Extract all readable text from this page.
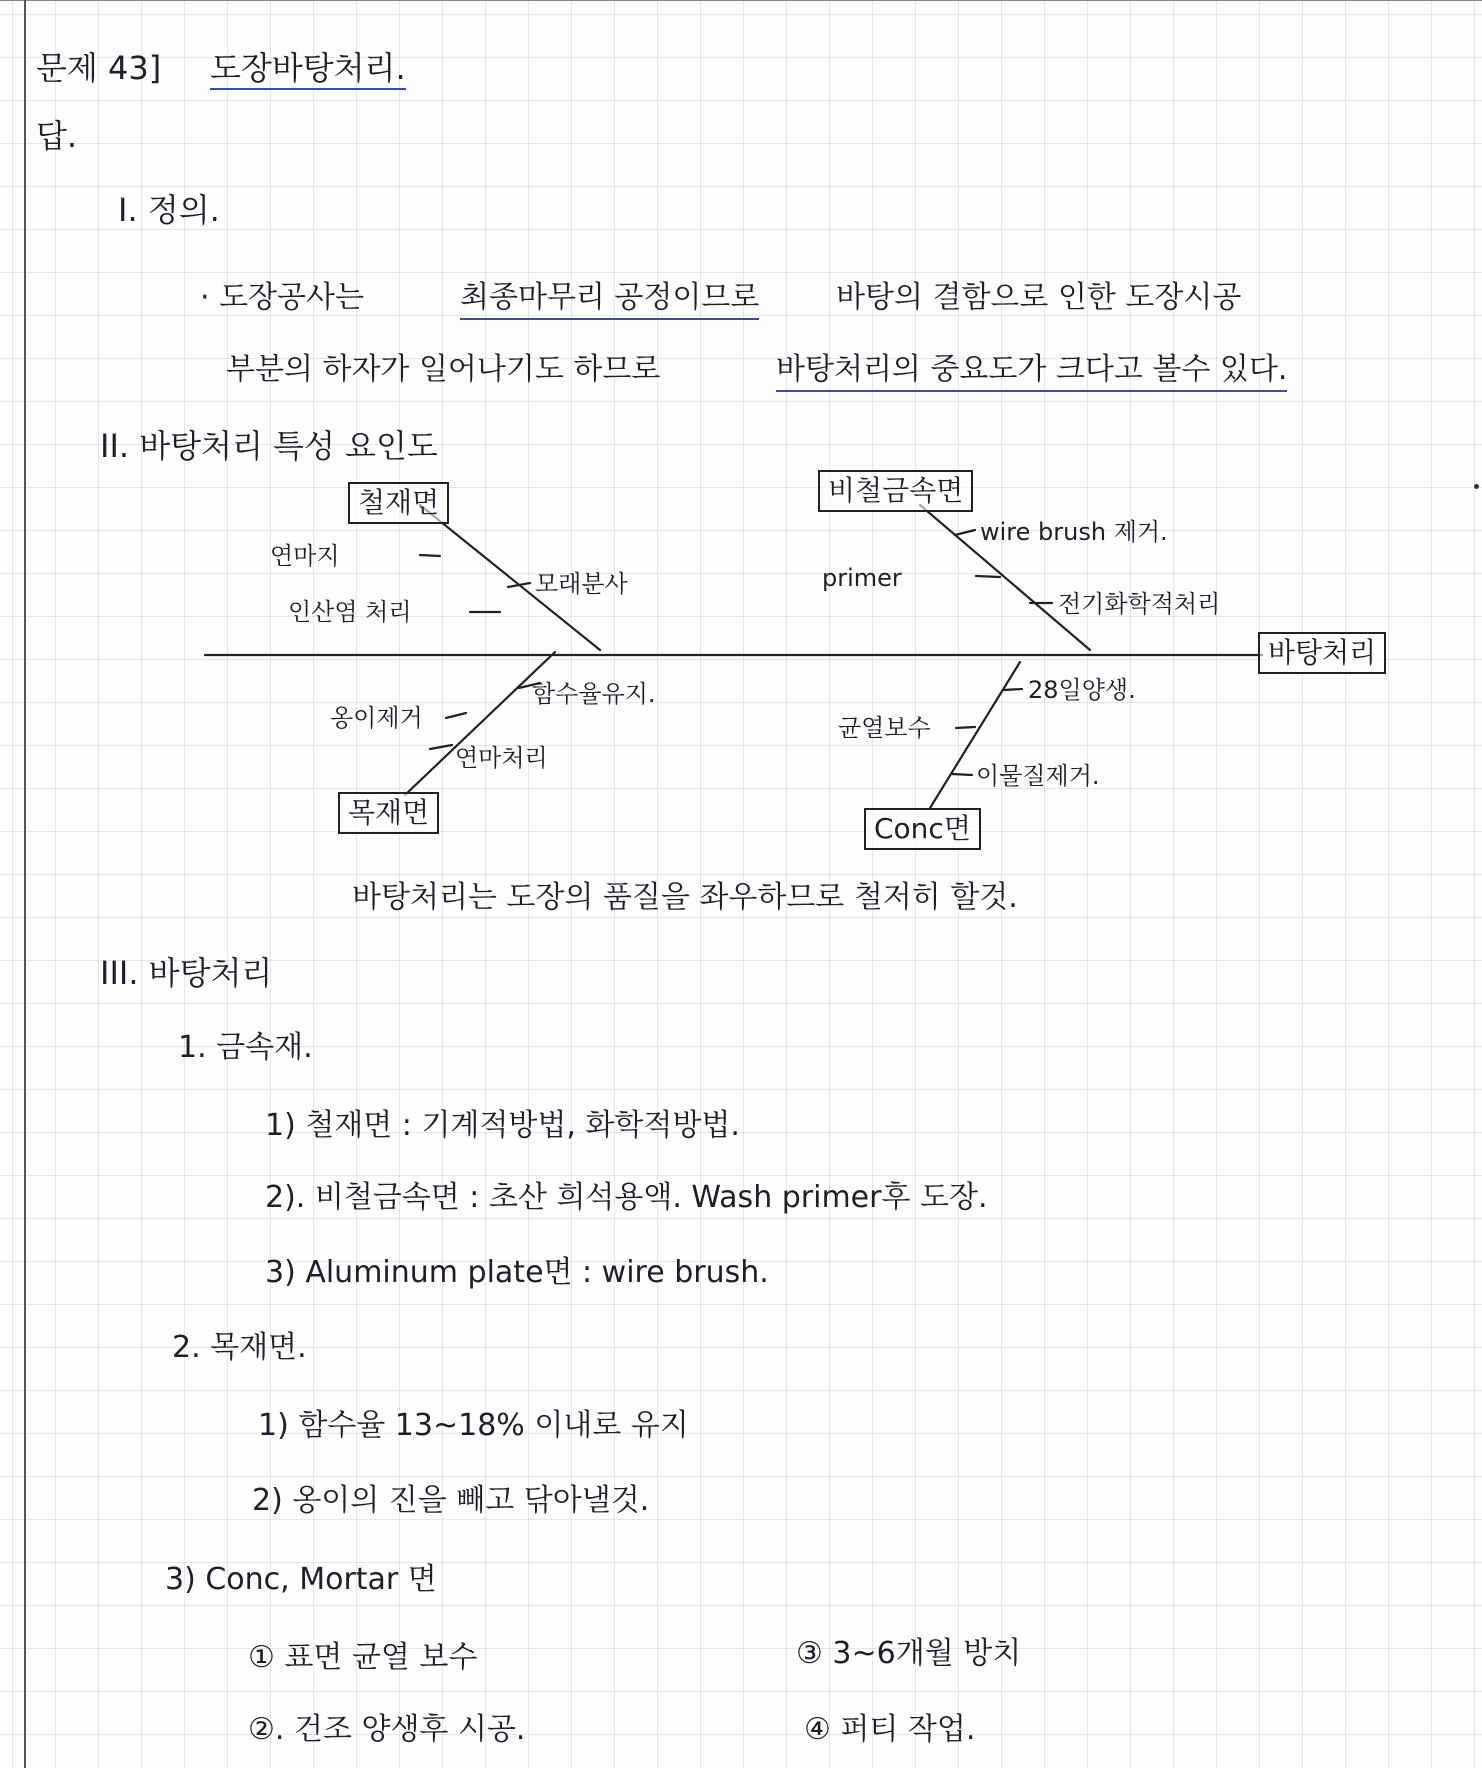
문제 43] 도장바탕처리.
답.
I. 정의.
· 도장공사는	최종마무리 공정이므로	바탕의 결함으로 인한 도장시공
부분의 하자가 일어나기도 하므로	바탕처리의 중요도가 크다고 볼수 있다.
II. 바탕처리 특성 요인도
철재면	비철금속면
바탕처리
목재면	Conc면
연마지
인산염 처리
모래분사
wire brush 제거.
primer
전기화학적처리
옹이제거
함수율유지.
연마처리
28일양생.
균열보수
이물질제거.
바탕처리는 도장의 품질을 좌우하므로 철저히 할것.
III. 바탕처리
1. 금속재.
1) 철재면 : 기계적방법, 화학적방법.
2). 비철금속면 : 초산 희석용액. Wash primer후 도장.
3) Aluminum plate면 : wire brush.
2. 목재면.
1) 함수율 13~18% 이내로 유지
2) 옹이의 진을 빼고 닦아낼것.
3) Conc, Mortar 면
① 표면 균열 보수	③ 3~6개월 방치
②. 건조 양생후 시공.	④ 퍼티 작업.
